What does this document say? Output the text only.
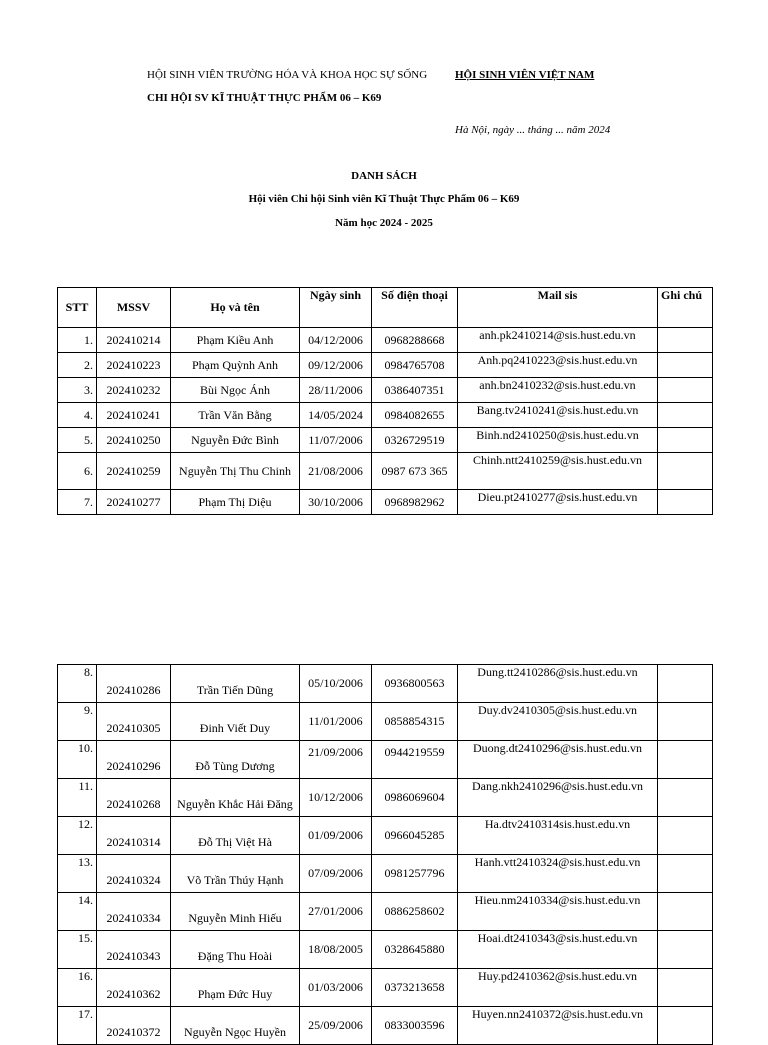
HỘI SINH VIÊN TRƯỜNG HÓA VÀ KHOA HỌC SỰ SỐNG	HỘI SINH VIÊN VIỆT NAM
CHI HỘI SV KĨ THUẬT THỰC PHẨM 06 – K69
Hà Nội, ngày ... tháng ... năm 2024
DANH SÁCH
Hội viên Chi hội Sinh viên Kĩ Thuật Thực Phẩm 06 – K69
Năm học 2024 - 2025
STT	MSSV	Họ và tên	Ngày sinh	Số điện thoại	Mail sis	Ghi chú
1.	202410214	Phạm Kiều Anh	04/12/2006	0968288668	anh.pk2410214@sis.hust.edu.vn	
2.	202410223	Phạm Quỳnh Anh	09/12/2006	0984765708	Anh.pq2410223@sis.hust.edu.vn	
3.	202410232	Bùi Ngọc Ánh	28/11/2006	0386407351	anh.bn2410232@sis.hust.edu.vn	
4.	202410241	Trần Văn Bằng	14/05/2024	0984082655	Bang.tv2410241@sis.hust.edu.vn	
5.	202410250	Nguyễn Đức Bình	11/07/2006	0326729519	Binh.nd2410250@sis.hust.edu.vn	
6.	202410259	Nguyễn Thị Thu Chinh	21/08/2006	0987 673 365	Chinh.ntt2410259@sis.hust.edu.vn	
7.	202410277	Phạm Thị Diệu	30/10/2006	0968982962	Dieu.pt2410277@sis.hust.edu.vn	
8.	202410286	Trần Tiến Dũng	05/10/2006	0936800563	Dung.tt2410286@sis.hust.edu.vn	
9.	202410305	Đinh Viết Duy	11/01/2006	0858854315	Duy.dv2410305@sis.hust.edu.vn	
10.	202410296	Đỗ Tùng Dương	21/09/2006	0944219559	Duong.dt2410296@sis.hust.edu.vn	
11.	202410268	Nguyễn Khắc Hải Đăng	10/12/2006	0986069604	Dang.nkh2410296@sis.hust.edu.vn	
12.	202410314	Đỗ Thị Việt Hà	01/09/2006	0966045285	Ha.dtv2410314sis.hust.edu.vn	
13.	202410324	Võ Trần Thúy Hạnh	07/09/2006	0981257796	Hanh.vtt2410324@sis.hust.edu.vn	
14.	202410334	Nguyễn Minh Hiếu	27/01/2006	0886258602	Hieu.nm2410334@sis.hust.edu.vn	
15.	202410343	Đặng Thu Hoài	18/08/2005	0328645880	Hoai.dt2410343@sis.hust.edu.vn	
16.	202410362	Phạm Đức Huy	01/03/2006	0373213658	Huy.pd2410362@sis.hust.edu.vn	
17.	202410372	Nguyễn Ngọc Huyền	25/09/2006	0833003596	Huyen.nn2410372@sis.hust.edu.vn	
